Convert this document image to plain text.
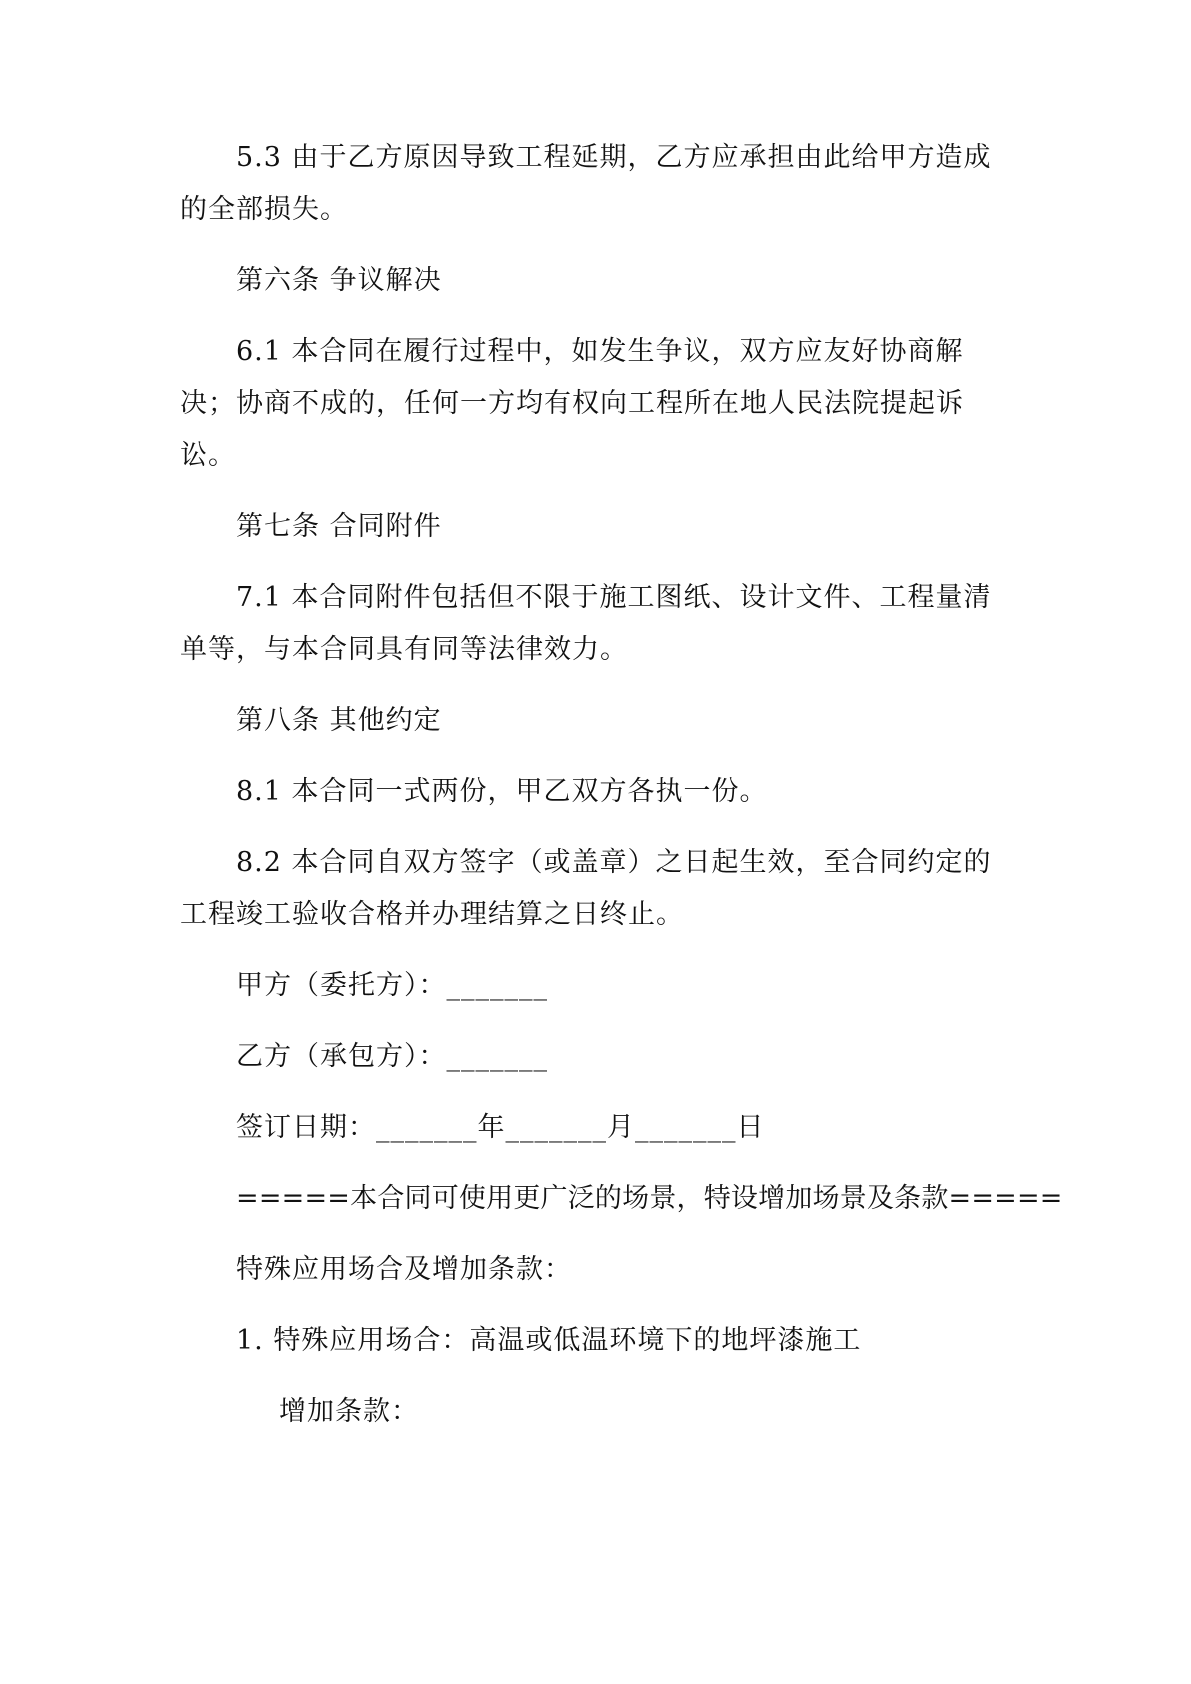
5.3 由于乙方原因导致工程延期，乙方应承担由此给甲方造成
的全部损失。
第六条 争议解决
6.1 本合同在履行过程中，如发生争议，双方应友好协商解
决；协商不成的，任何一方均有权向工程所在地人民法院提起诉
讼。
第七条 合同附件
7.1 本合同附件包括但不限于施工图纸、设计文件、工程量清
单等，与本合同具有同等法律效力。
第八条 其他约定
8.1 本合同一式两份，甲乙双方各执一份。
8.2 本合同自双方签字（或盖章）之日起生效，至合同约定的
工程竣工验收合格并办理结算之日终止。
甲方（委托方）：_______
乙方（承包方）：_______
签订日期：_______年_______月_______日
=====本合同可使用更广泛的场景，特设增加场景及条款=====
特殊应用场合及增加条款：
1. 特殊应用场合：高温或低温环境下的地坪漆施工
增加条款：
